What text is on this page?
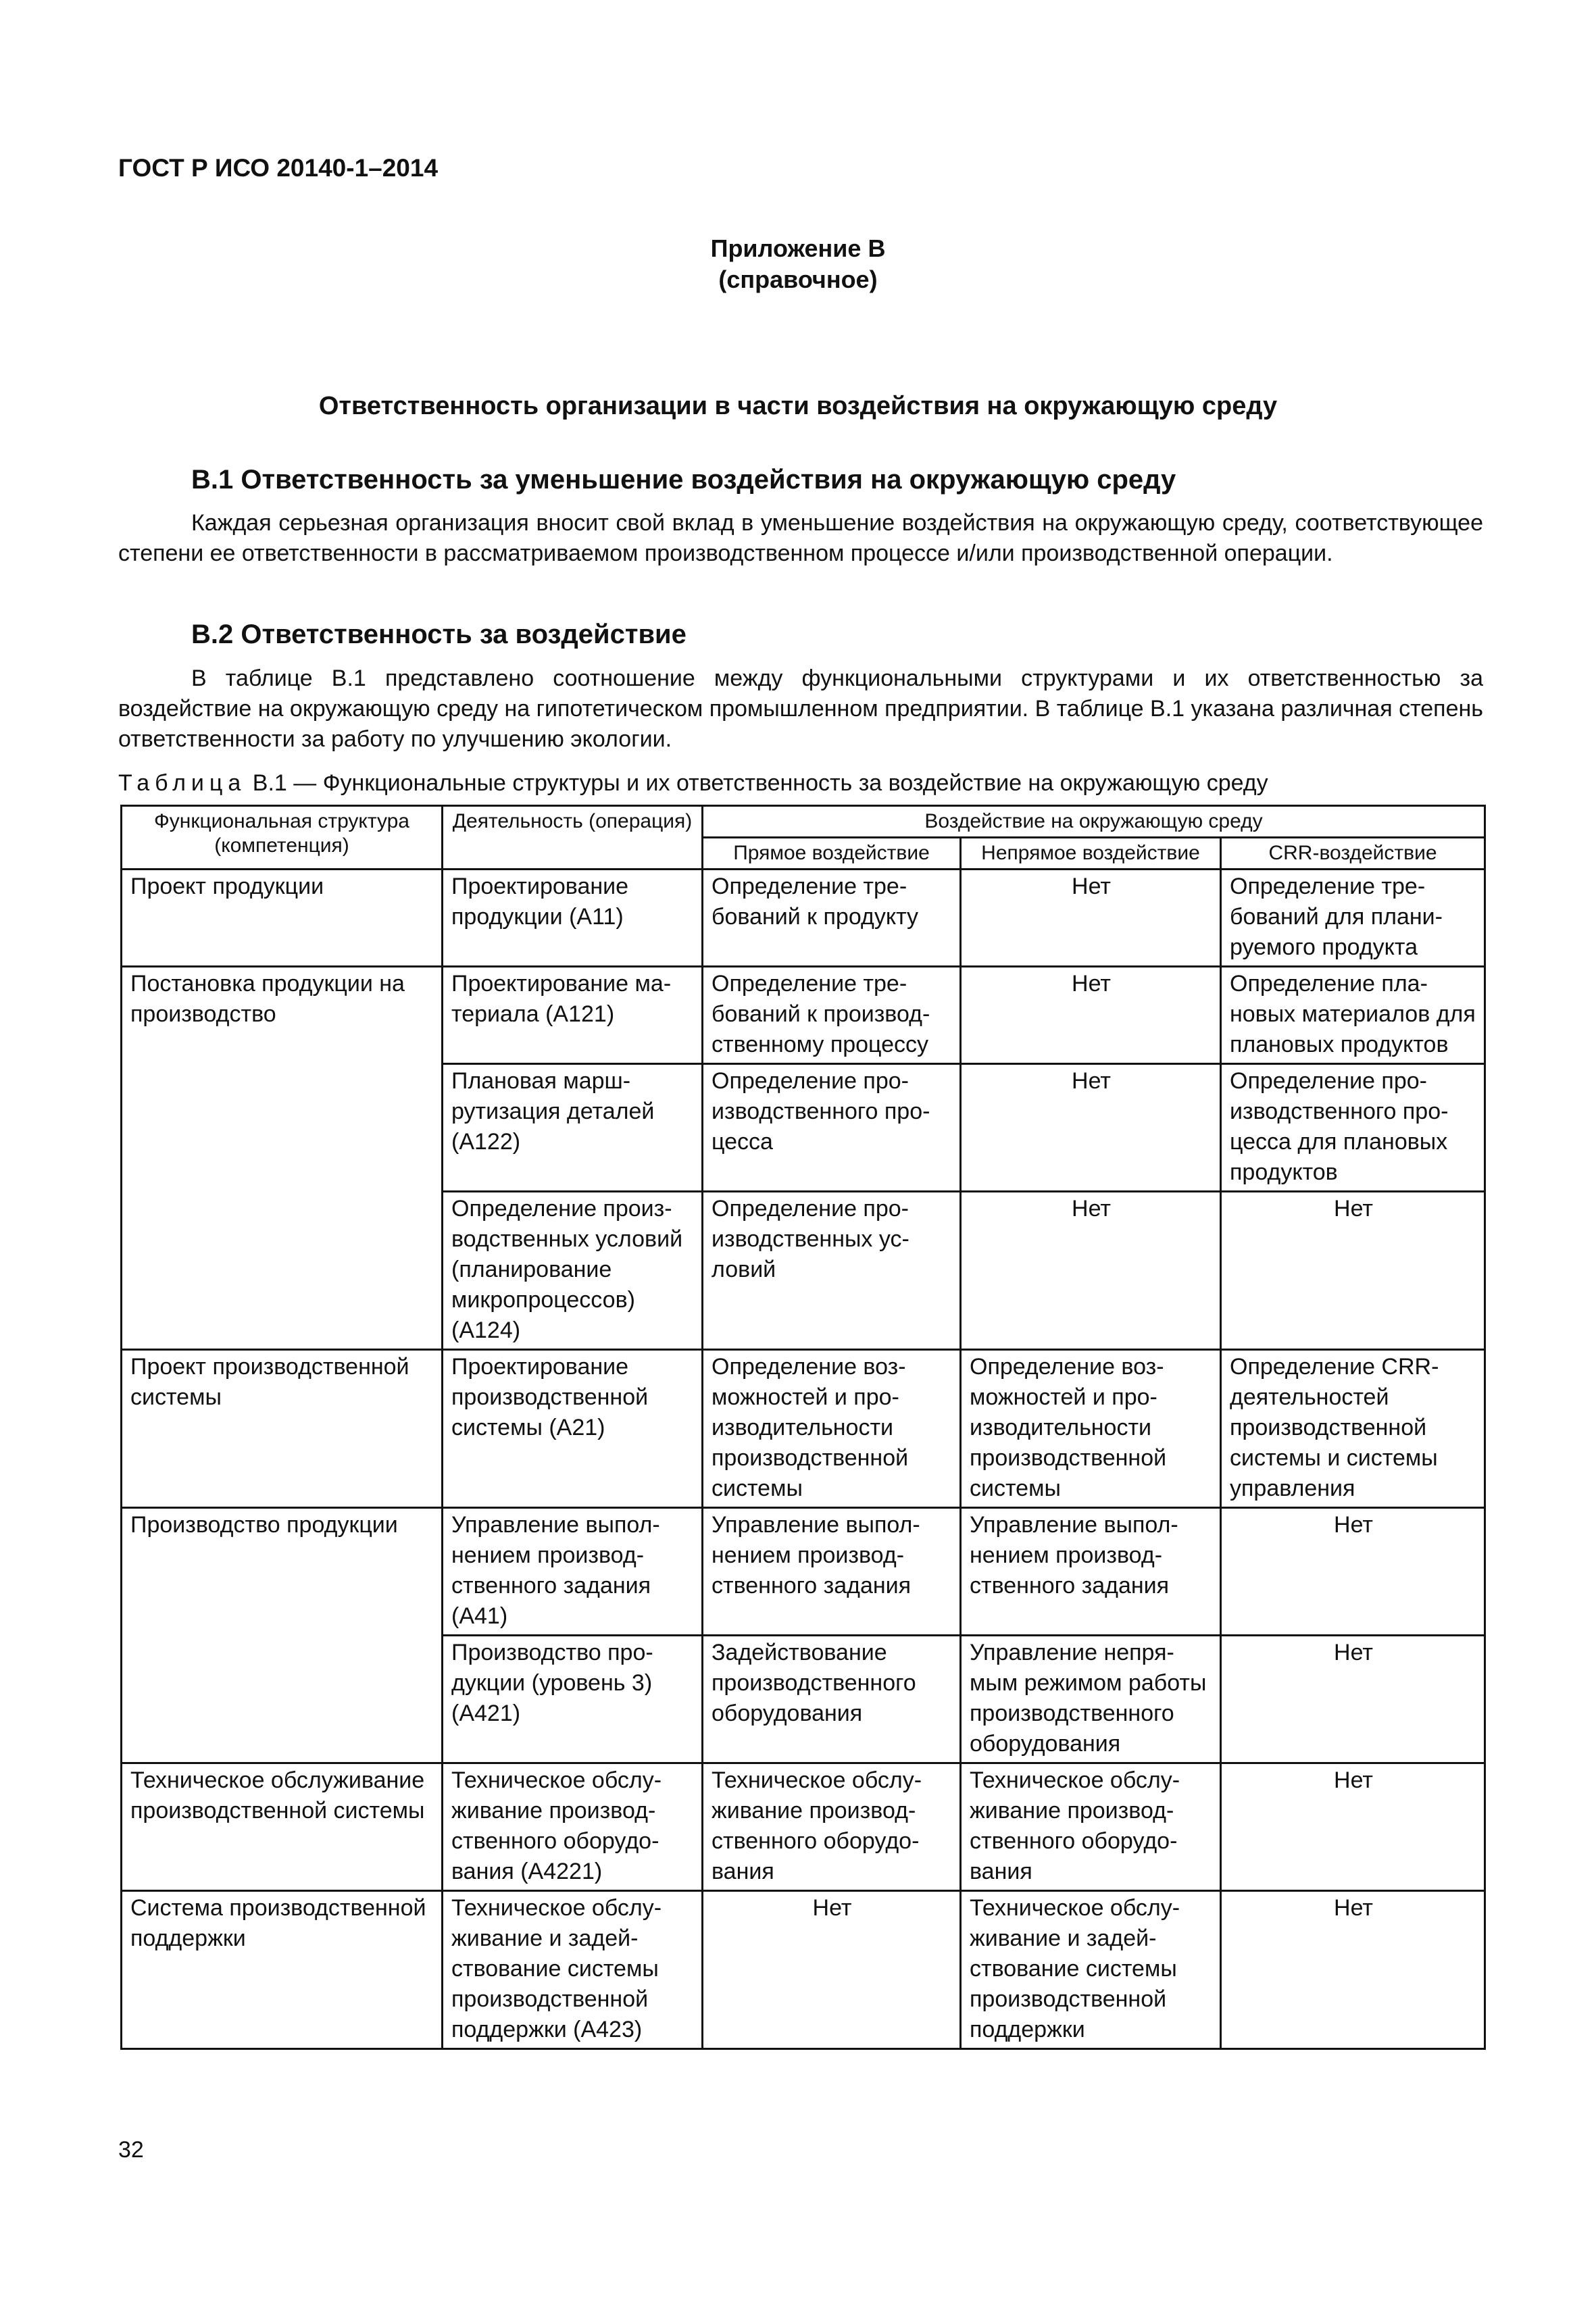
ГОСТ Р ИСО 20140-1–2014
Приложение В
(справочное)
Ответственность организации в части воздействия на окружающую среду
В.1 Ответственность за уменьшение воздействия на окружающую среду

Каждая серьезная организация вносит свой вклад в уменьшение воздействия на окружающую среду, соответствующее степени ее ответственности в рассматриваемом производственном процессе и/или производственной операции.

В.2 Ответственность за воздействие

В таблице В.1 представлено соотношение между функциональными структурами и их ответственностью за воздействие на окружающую среду на гипотетическом промышленном предприятии. В таблице В.1 указана различная степень ответственности за работу по улучшению экологии.

Таблица В.1 — Функциональные структуры и их ответственность за воздействие на окружающую среду
Функциональная структура (компетенция)	Деятельность (операция)	Воздействие на окружающую среду		
		Прямое воздействие	Непрямое воздействие	CRR-воздействие
Проект продукции	Проектирование продукции (А11)	Определение требований к продукту	Нет	Определение требований для планируемого продукта
Постановка продукции на производство	Проектирование материала (А121)	Определение требований к производственному процессу	Нет	Определение плановых материалов для плановых продуктов
	Плановая маршрутизация деталей (А122)	Определение производственного процесса	Нет	Определение производственного процесса для плановых продуктов
	Определение производственных условий (планирование микропроцессов) (А124)	Определение производственных условий	Нет	Нет
Проект производственной системы	Проектирование производственной системы (А21)	Определение возможностей и производительности производственной системы	Определение возможностей и производительности производственной системы	Определение CRR-деятельностей производственной системы и системы управления
Производство продукции	Управление выполнением производственного задания (А41)	Управление выполнением производственного задания	Управление выполнением производственного задания	Нет
	Производство продукции (уровень 3) (А421)	Задействование производственного оборудования	Управление непрямым режимом работы производственного оборудования	Нет
Техническое обслуживание производственной системы	Техническое обслуживание производственного оборудования (А4221)	Техническое обслуживание производственного оборудования	Техническое обслуживание производственного оборудования	Нет
Система производственной поддержки	Техническое обслуживание и задействование системы производственной поддержки (А423)	Нет	Техническое обслуживание и задействование системы производственной поддержки	Нет
32
